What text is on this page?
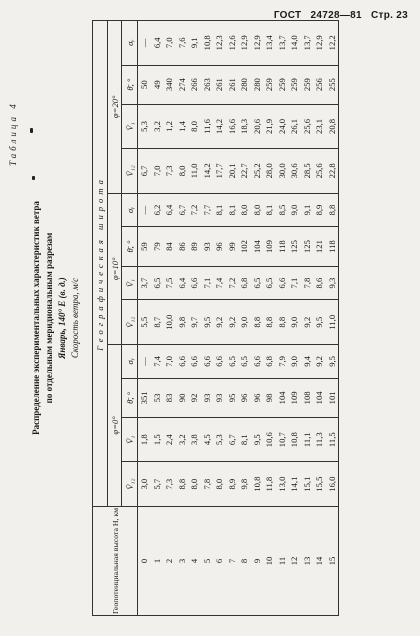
ГОСТ 24728—81 Стр. 23
Таблица 4
Распределение экспериментальных характеристик ветра по отдельным меридиональным разрезам Январь, 140° Е (в. д.) Скорость ветра, м/с
Геопотенциальная высота H, км	Географическая широта											
	φ=0°				φ=10°				φ=20°			
	V̄₁₂	V̄₁	θ̄, °	σᵧ	V̄₁₂	V̄₁	θ̄, °	σᵧ	V̄₁₂	V̄₁	θ̄, °	σᵧ
0	3,0	1,8	351	—	5,5	3,7	59	—	6,7	5,3	50	—
1	5,7	1,5	53	7,4	8,7	6,5	79	6,2	7,0	3,2	49	6,4
2	7,3	2,4	83	7,0	10,0	7,5	84	6,4	7,3	1,2	340	7,0
3	8,8	3,2	90	6,6	9,8	6,4	86	6,7	8,0	1,4	274	7,6
4	8,0	3,8	92	6,6	9,7	6,6	89	7,2	11,0	8,0	266	9,1
5	7,8	4,5	93	6,6	9,5	7,1	93	7,7	14,2	11,6	263	10,8
6	8,0	5,3	93	6,6	9,2	7,4	96	8,1	17,7	14,2	261	12,3
7	8,9	6,7	95	6,5	9,2	7,2	99	8,1	20,1	16,6	261	12,6
8	9,8	8,1	96	6,5	9,0	6,8	102	8,0	22,7	18,3	280	12,9
9	10,8	9,5	96	6,6	8,8	6,5	104	8,0	25,2	20,6	280	12,9
10	11,8	10,6	98	6,8	8,8	6,5	109	8,1	28,0	21,9	259	13,4
11	13,0	10,7	104	7,9	8,8	6,6	118	8,5	30,0	24,0	259	13,7
12	14,1	10,8	109	9,0	9,0	7,1	125	9,0	30,6	26,1	259	14,0
13	15,1	11,1	108	9,4	9,2	7,8	125	9,1	28,5	25,6	259	13,7
14	15,5	11,3	104	9,2	9,5	8,6	121	8,9	25,6	23,1	256	12,9
15	16,0	11,5	101	9,5	11,0	9,3	118	8,8	22,8	20,8	255	12,2
